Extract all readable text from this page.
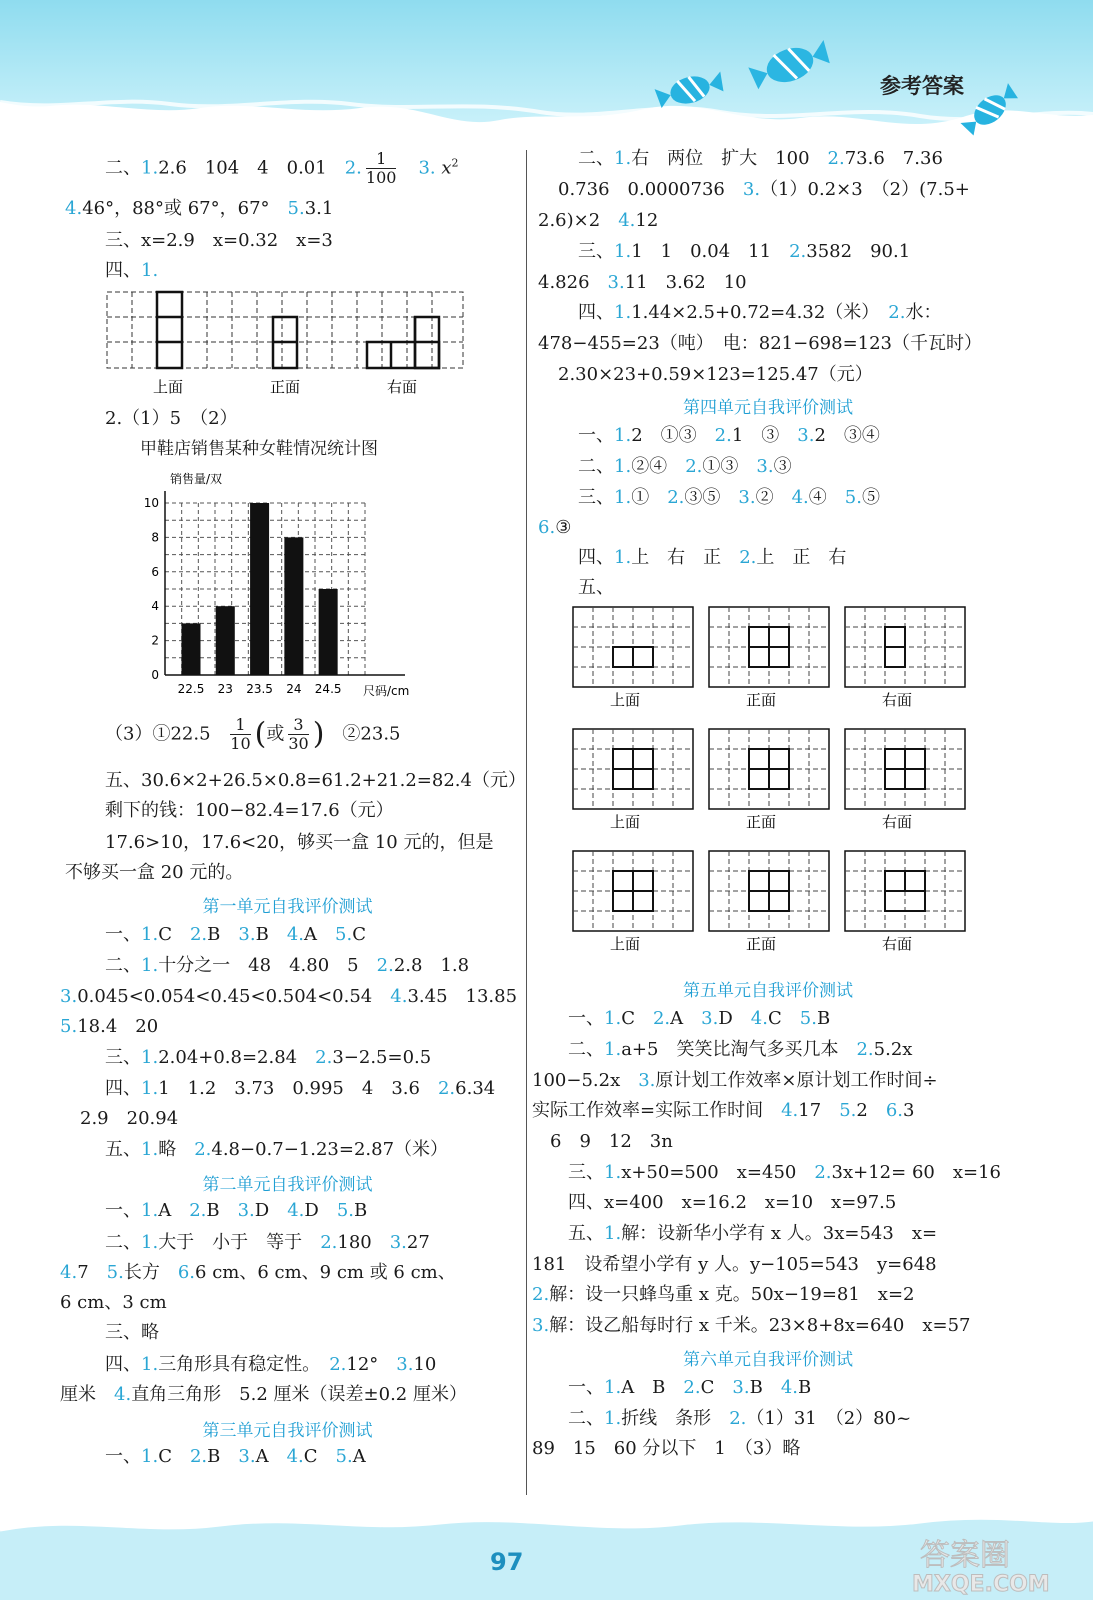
参考答案
二、1.2.6　104　4　0.01　2. $\frac{1}{100}$
　 3. $x^2$
4.46°，88°或 67°，67°　5.3.1
三、x=2.9　x=0.32　x=3
四、1.
上面	正面	右面
2.（1）5　（2）
甲鞋店销售某种女鞋情况统计图
销售量/双
尺码/cm
0
2
4
6
8
10
22.5 23 23.5 24 24.5
（3）①22.5 $\frac{1}{10}$ (或 $\frac{3}{30}$ )　 ②23.5
五、30.6×2+26.5×0.8=61.2+21.2=82.4（元）
剩下的钱：100−82.4=17.6（元）
17.6>10，17.6<20，够买一盒 10 元的，但是
不够买一盒 20 元的。
第一单元自我评价测试
一、1.C　2.B　3.B　4.A　5.C
二、1.十分之一　48　4.80　5　2.2.8　1.8
3.0.045<0.054<0.45<0.504<0.54　4.3.45　13.85
5.18.4　20
三、1.2.04+0.8=2.84　2.3−2.5=0.5
四、1.1　1.2　3.73　0.995　4　3.6　2.6.34
2.9　20.94
五、1.略　2.4.8−0.7−1.23=2.87（米）
第二单元自我评价测试
一、1.A　2.B　3.D　4.D　5.B
二、1.大于　小于　等于　2.180　3.27
4.7　5.长方　6.6 cm、6 cm、9 cm 或 6 cm、
6 cm、3 cm
三、略
四、1.三角形具有稳定性。　2.12°　3.10
厘米　4.直角三角形　5.2 厘米（误差±0.2 厘米）
第三单元自我评价测试
一、1.C　2.B　3.A　4.C　5.A
二、1.右　两位　扩大　100　2.73.6　7.36
0.736　0.0000736　3.（1）0.2×3　（2）(7.5+
2.6)×2　4.12
三、1.1　1　0.04　11　2.3582　90.1
4.826　3.11　3.62　10
四、1.1.44×2.5+0.72=4.32（米）　2.水：
478−455=23（吨）　电：821−698=123（千瓦时）
2.30×23+0.59×123=125.47（元）
第四单元自我评价测试
一、1.2　①③　2.1　③　3.2　③④
二、1.②④　2.①③　3.③
三、1.①　2.③⑤　3.②　4.④　5.⑤
6.③
四、1.上　右　正　2.上　正　右
五、
上面	正面	右面
上面	正面	右面
上面	正面	右面
第五单元自我评价测试
一、1.C　2.A　3.D　4.C　5.B
二、1.a+5　笑笑比淘气多买几本　2.5.2x
100−5.2x　3.原计划工作效率×原计划工作时间÷
实际工作效率=实际工作时间　4.17　5.2　6.3
6　9　12　3n
三、1.x+50=500　x=450　2.3x+12= 60　x=16
四、x=400　x=16.2　x=10　x=97.5
五、1.解：设新华小学有 x 人。3x=543　x=
181　设希望小学有 y 人。y−105=543　y=648
2.解：设一只蜂鸟重 x 克。50x−19=81　x=2
3.解：设乙船每时行 x 千米。23×8+8x=640　x=57
第六单元自我评价测试
一、1.A　B　2.C　3.B　4.B
二、1.折线　条形　2.（1）31　（2）80~
89　15　60 分以下　1　（3）略
97	答案圈
MXQE.COM
